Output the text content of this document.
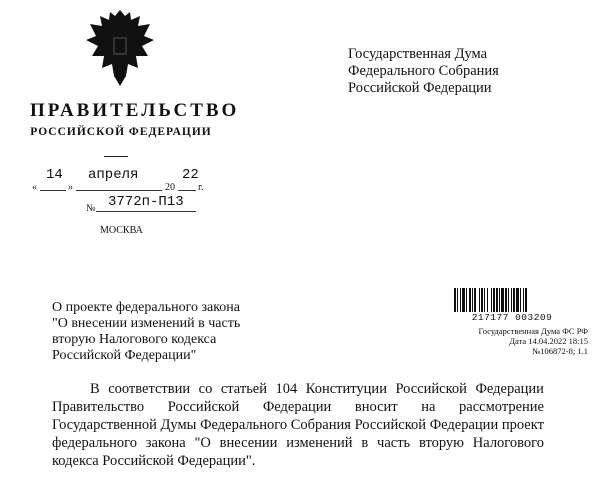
ПРАВИТЕЛЬСТВО
РОССИЙСКОЙ ФЕДЕРАЦИИ
«
14
»
апреля
20
22
г.
№ 3772п-П13
МОСКВА
Государственная Дума
Федерального Собрания
Российской Федерации
О проекте федерального закона
"О внесении изменений в часть
вторую Налогового кодекса
Российской Федерации"
217177 003209
Государственная Дума ФС РФ
Дата 14.04.2022 18:15
№106872-8; 1.1
В соответствии со статьей 104 Конституции Российской Федерации
Правительство Российской Федерации вносит на рассмотрение
Государственной Думы Федерального Собрания Российской Федерации проект
федерального закона "О внесении изменений в часть вторую Налогового
кодекса Российской Федерации".
